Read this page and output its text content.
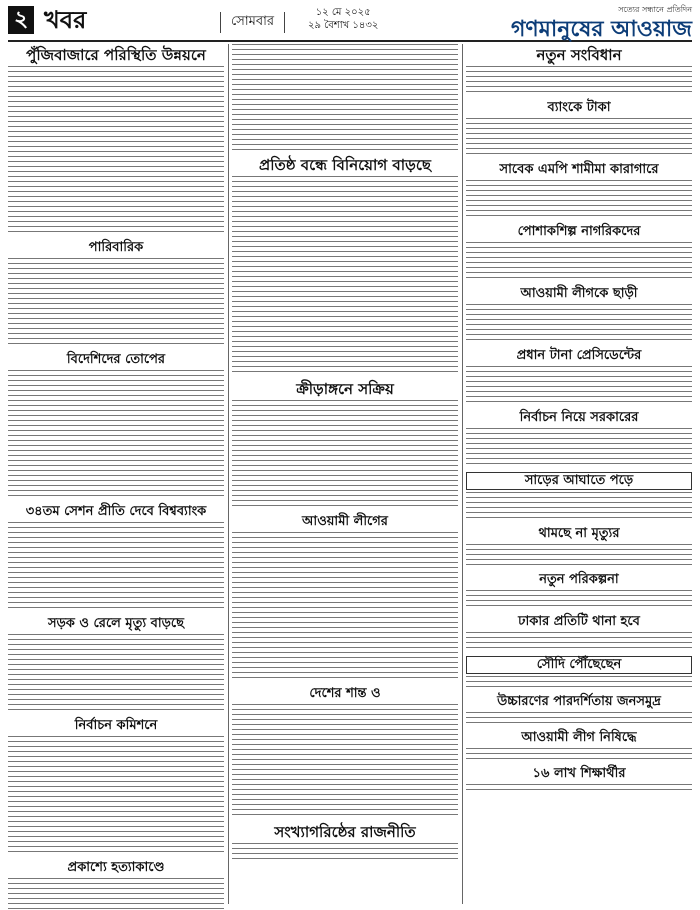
২ খবর	সোমবার
১২ মে ২০২৫
২৯ বৈশাখ ১৪৩২
সত্যের সন্ধানে প্রতিদিন
গণমানুষের আওয়াজ
পুঁজিবাজারে পরিস্থিতি উন্নয়নে
পারিবারিক
বিদেশিদের তোপের
৩৪তম সেশন প্রীতি দেবে বিশ্বব্যাংক
সড়ক ও রেলে মৃত্যু বাড়ছে
নির্বাচন কমিশনে
প্রকাশ্যে হত্যাকাণ্ডে
প্রতিষ্ঠ বন্ধে বিনিয়োগ বাড়ছে
ক্রীড়াঙ্গনে সক্রিয়
আওয়ামী লীগের
দেশের শান্ত ও
সংখ্যাগরিষ্ঠের রাজনীতি
নতুন সংবিধান
ব্যাংকে টাকা
সাবেক এমপি শামীমা কারাগারে
পোশাকশিল্প নাগরিকদের
আওয়ামী লীগকে ছাড়ী
প্রধান টানা প্রেসিডেন্টের
নির্বাচন নিয়ে সরকারের
সাড়ের আঘাতে পড়ে
থামছে না মৃত্যুর
নতুন পরিকল্পনা
ঢাকার প্রতিটি থানা হবে
সৌদি পৌঁছেছেন
উচ্চারণের পারদর্শিতায় জনসমুদ্র
আওয়ামী লীগ নিষিদ্ধে
১৬ লাখ শিক্ষার্থীর
